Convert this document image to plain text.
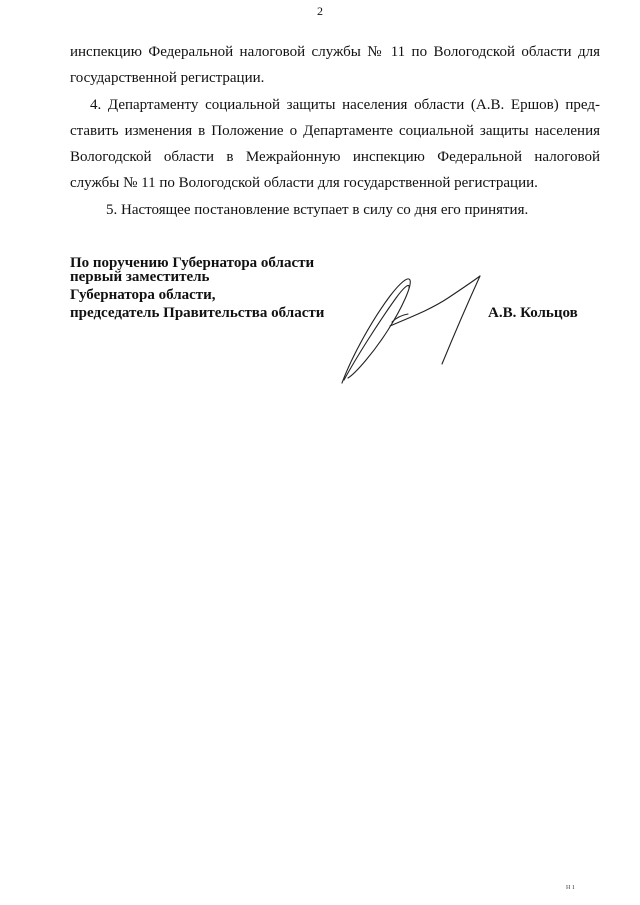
2
инспекцию Федеральной налоговой службы № 11 по Вологодской области для
государственной регистрации.
4. Департаменту социальной защиты населения области (А.В. Ершов) пред-
ставить изменения в Положение о Департаменте социальной защиты населения
Вологодской области в Межрайонную инспекцию Федеральной налоговой
службы № 11 по Вологодской области для государственной регистрации.
5. Настоящее постановление вступает в силу со дня его принятия.
По поручению Губернатора области
первый заместитель
Губернатора области,
председатель Правительства области	А.В. Кольцов
н ı
